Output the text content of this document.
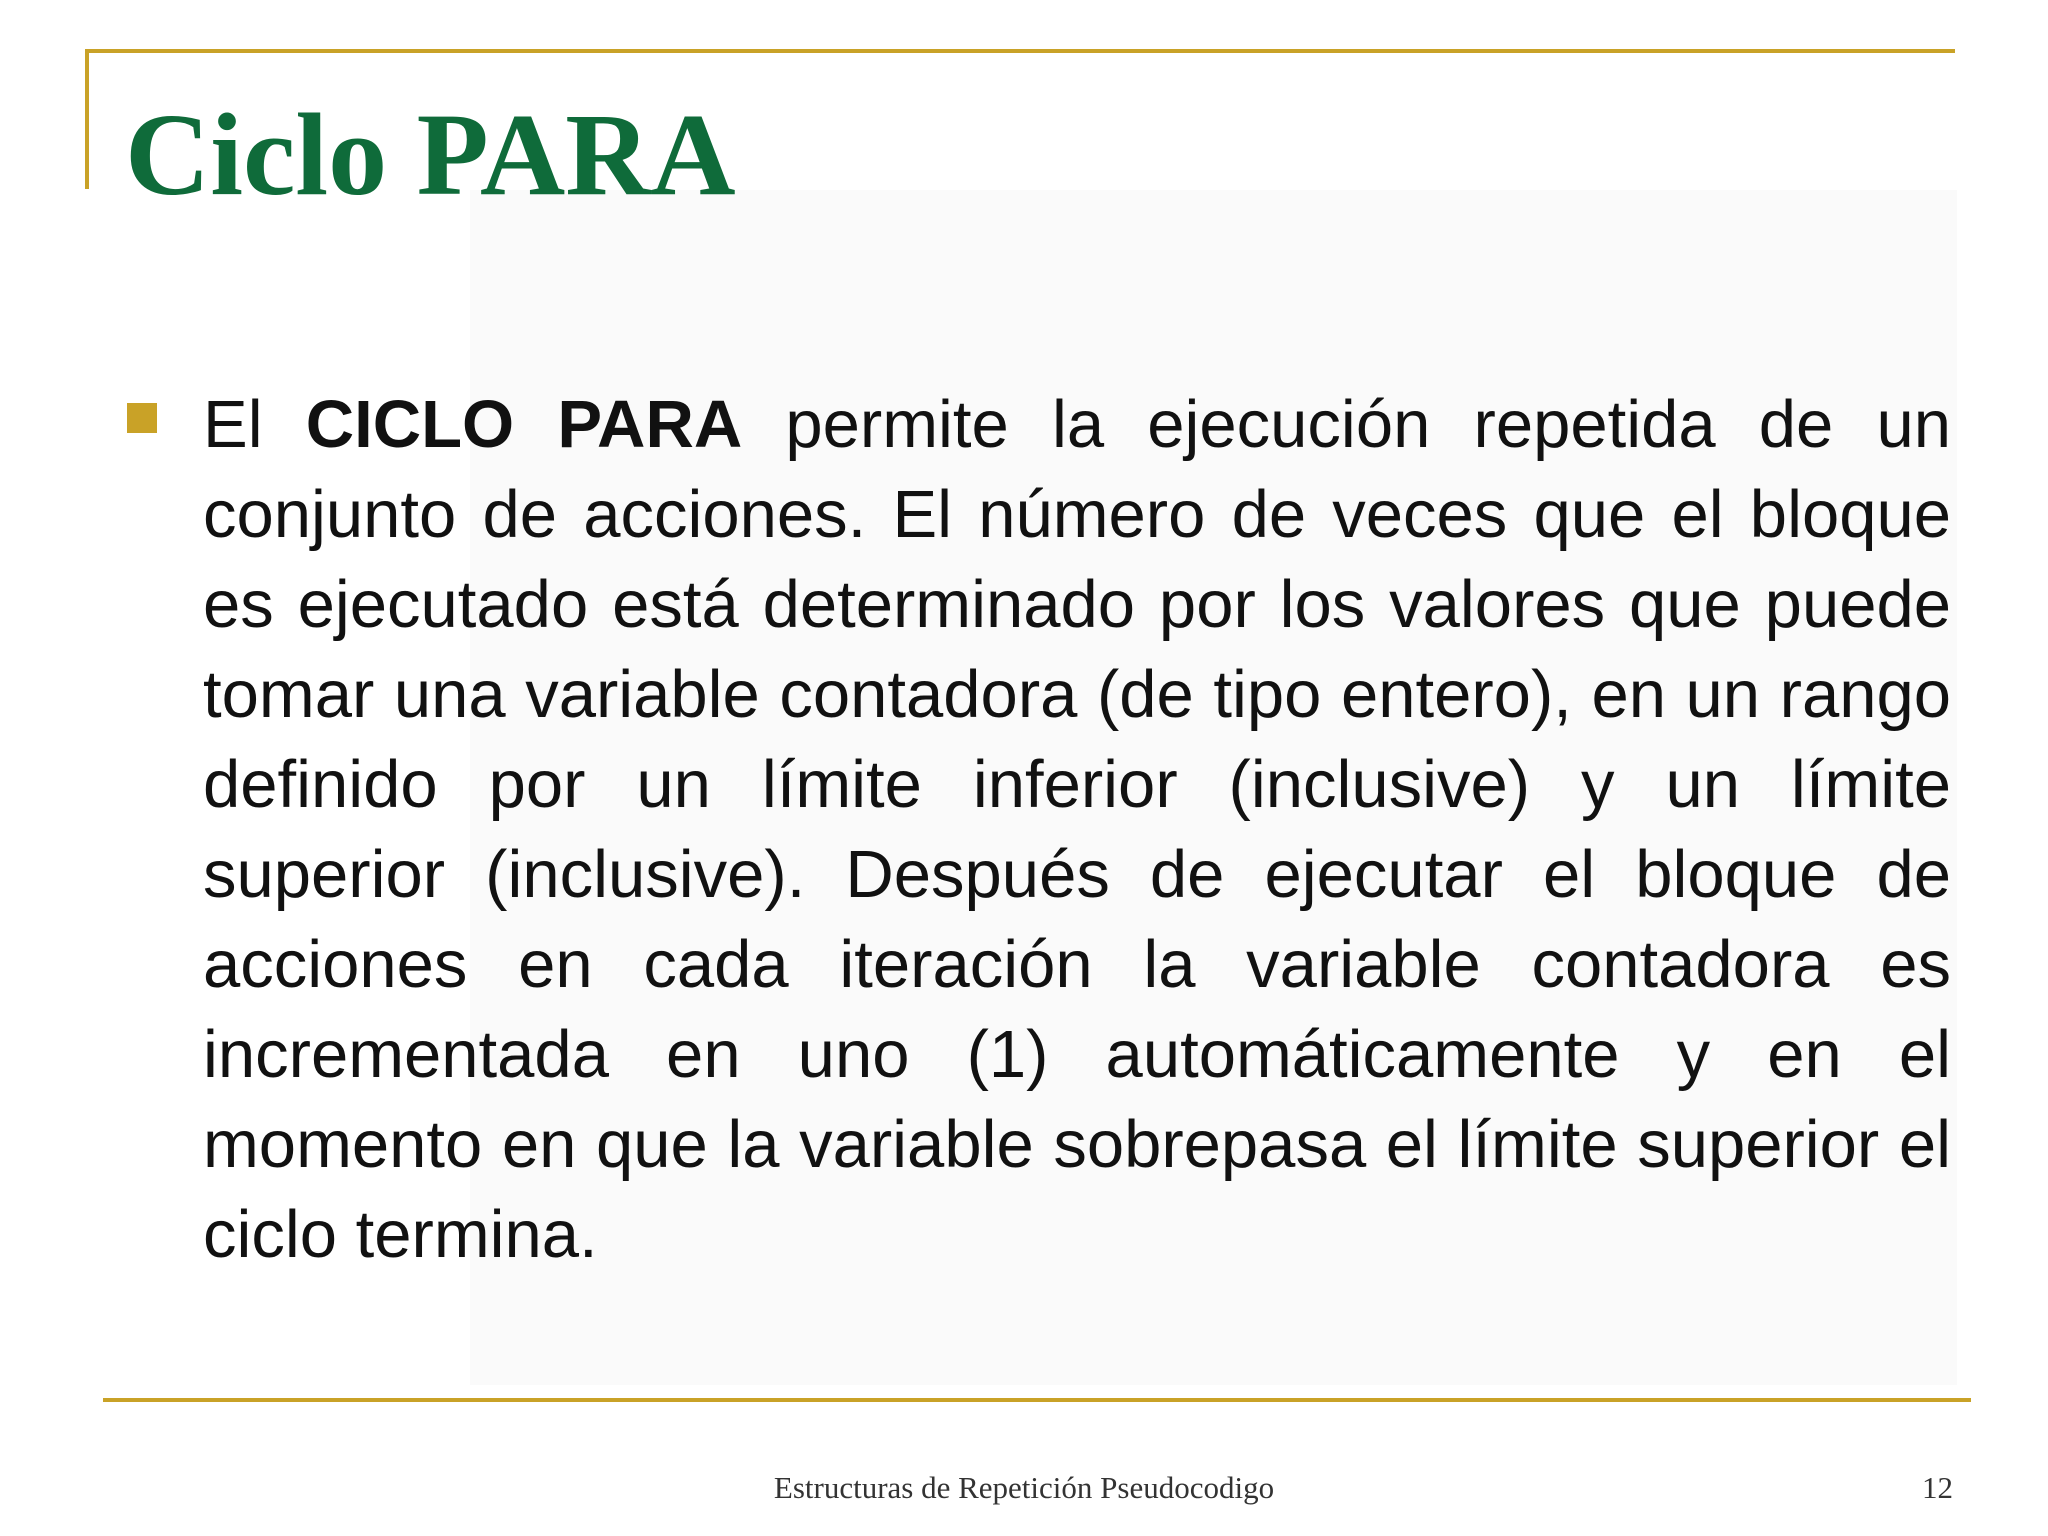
Ciclo PARA

El CICLO PARA permite la ejecución repetida de un conjunto de acciones. El número de veces que el bloque es ejecutado está determinado por los valores que puede tomar una variable contadora (de tipo entero), en un rango definido por un límite inferior (inclusive) y un límite superior (inclusive). Después de ejecutar el bloque de acciones en cada iteración la variable contadora es incrementada en uno (1) automáticamente y en el momento en que la variable sobrepasa el límite superior el ciclo termina.

Estructuras de Repetición Pseudocodigo	12
